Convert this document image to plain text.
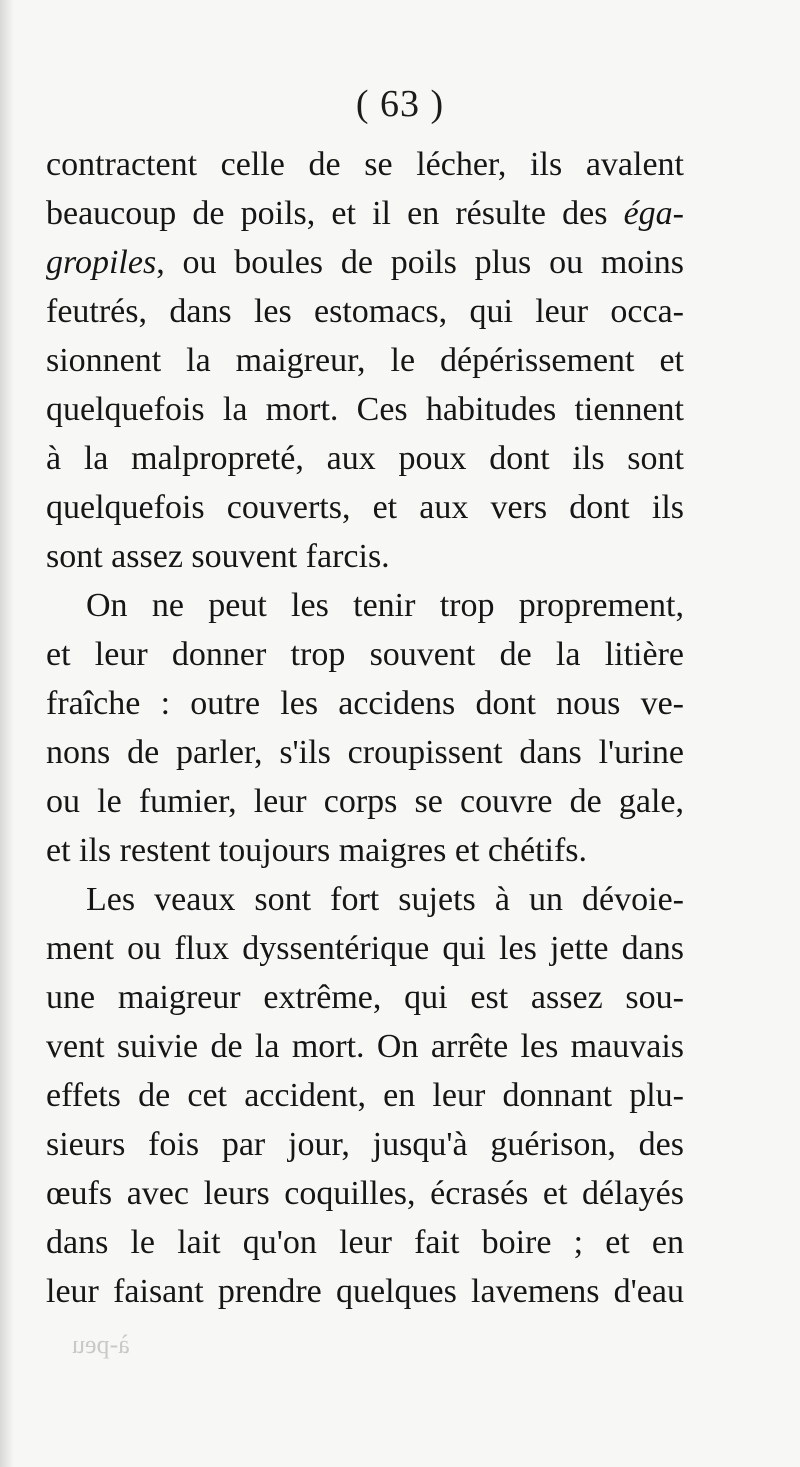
( 63 )

contractent celle de se lécher, ils avalent
beaucoup de poils, et il en résulte des éga-
gropiles, ou boules de poils plus ou moins
feutrés, dans les estomacs, qui leur occa-
sionnent la maigreur, le dépérissement et
quelquefois la mort. Ces habitudes tiennent
à la malpropreté, aux poux dont ils sont
quelquefois couverts, et aux vers dont ils
sont assez souvent farcis.
On ne peut les tenir trop proprement,
et leur donner trop souvent de la litière
fraîche : outre les accidens dont nous ve-
nons de parler, s'ils croupissent dans l'urine
ou le fumier, leur corps se couvre de gale,
et ils restent toujours maigres et chétifs.
Les veaux sont fort sujets à un dévoie-
ment ou flux dyssentérique qui les jette dans
une maigreur extrême, qui est assez sou-
vent suivie de la mort. On arrête les mauvais
effets de cet accident, en leur donnant plu-
sieurs fois par jour, jusqu'à guérison, des
œufs avec leurs coquilles, écrasés et délayés
dans le lait qu'on leur fait boire ; et en
leur faisant prendre quelques lavemens d'eau
à-peu
